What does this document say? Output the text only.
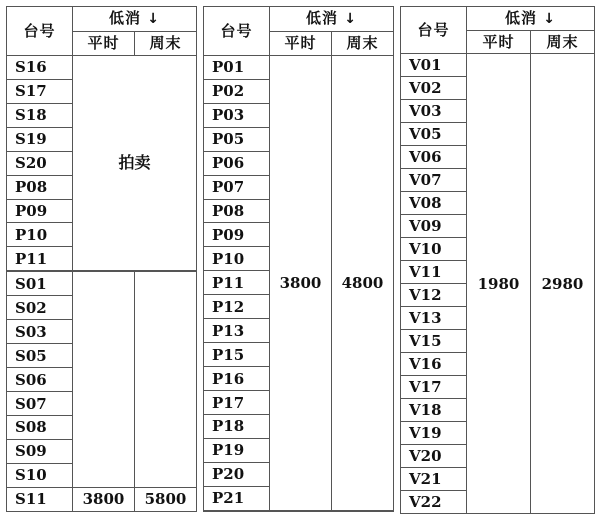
台号	低消 ↓	
	平时	周末
S16	拍卖	
S17		
S18		
S19		
S20		
P08		
P09		
P10		
P11		

S01		
S02		
S03		
S05		
S06		
S07		
S08		
S09		
S10		
S11	3800	5800
台号	低消 ↓	
	平时	周末
P01	3800	4800
P02		
P03		
P05		
P06		
P07		
P08		
P09		
P10		
P11		
P12		
P13		
P15		
P16		
P17		
P18		
P19		
P20		
P21		

台号	低消 ↓	
	平时	周末
V01	1980	2980
V02		
V03		
V05		
V06		
V07		
V08		
V09		
V10		
V11		
V12		
V13		
V15		
V16		
V17		
V18		
V19		
V20		
V21		
V22		
